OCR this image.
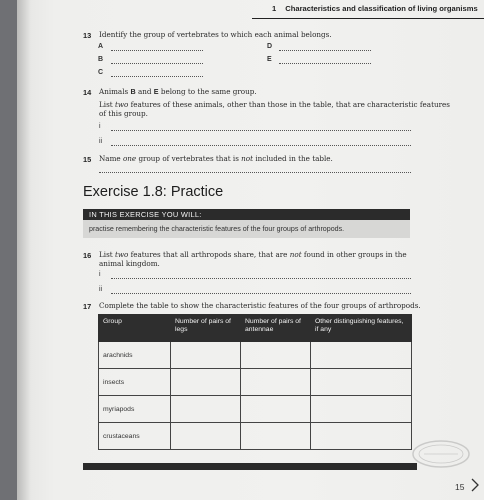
1 Characteristics and classification of living organisms
13 Identify the group of vertebrates to which each animal belongs.
A	D
B	E
C
14 Animals B and E belong to the same group.
List two features of these animals, other than those in the table, that are characteristic features
of this group.
i
ii
15 Name one group of vertebrates that is not included in the table.
Exercise 1.8: Practice
IN THIS EXERCISE YOU WILL:
practise remembering the characteristic features of the four groups of arthropods.
16 List two features that all arthropods share, that are not found in other groups in the
animal kingdom.
i
ii
17 Complete the table to show the characteristic features of the four groups of arthropods.
Group	Number of pairs of legs	Number of pairs of antennae	Other distinguishing features, if any
arachnids			
insects			
myriapods			
crustaceans			
15
